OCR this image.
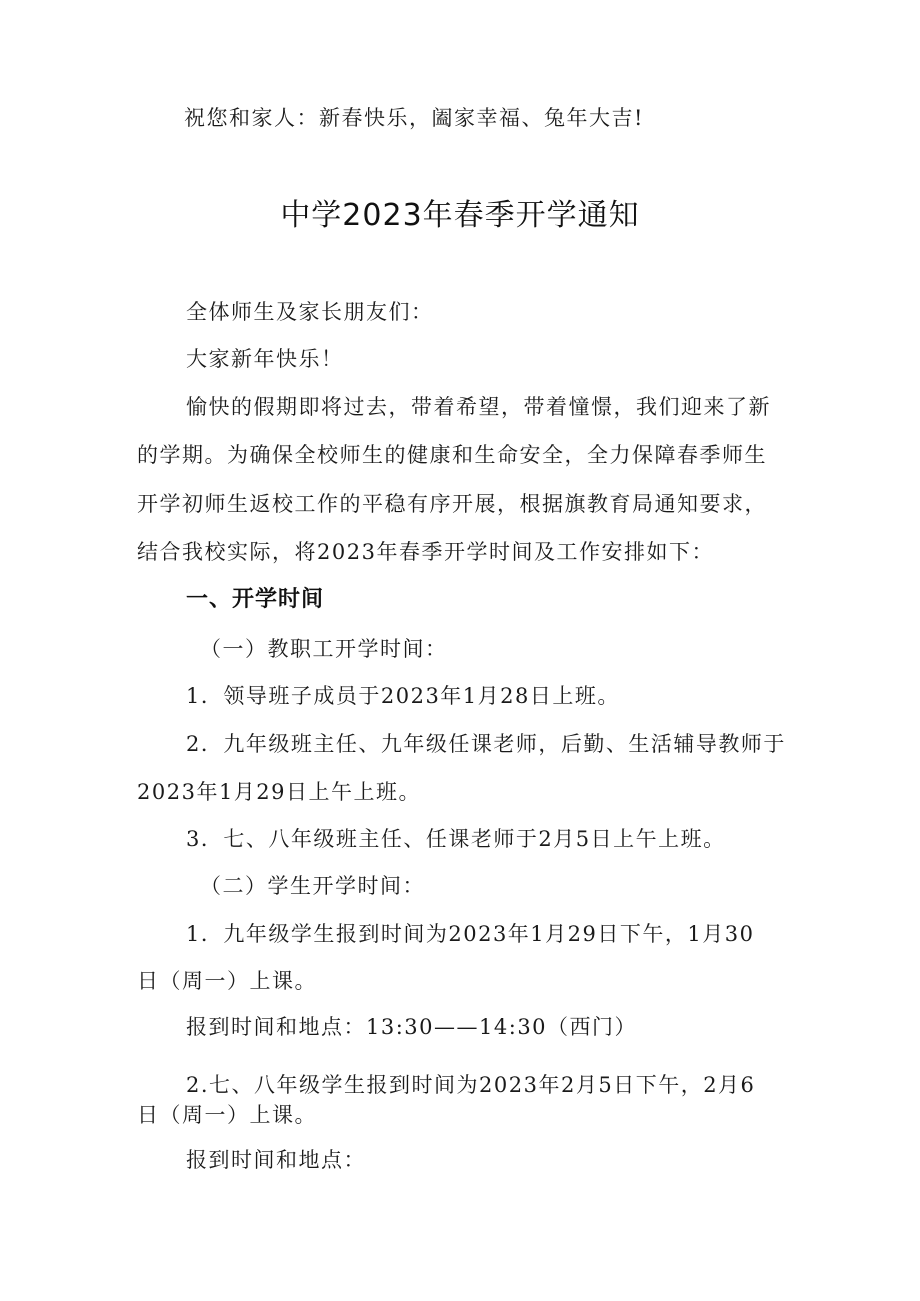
祝您和家人：新春快乐，阖家幸福、兔年大吉!
中学2023年春季开学通知
全体师生及家长朋友们：
大家新年快乐！
愉快的假期即将过去，带着希望，带着憧憬，我们迎来了新
的学期。为确保全校师生的健康和生命安全，全力保障春季师生
开学初师生返校工作的平稳有序开展，根据旗教育局通知要求，
结合我校实际，将2023年春季开学时间及工作安排如下：
一、开学时间
（一）教职工开学时间：
1．领导班子成员于2023年1月28日上班。
2．九年级班主任、九年级任课老师，后勤、生活辅导教师于
2023年1月29日上午上班。
3．七、八年级班主任、任课老师于2月5日上午上班。
（二）学生开学时间：
1．九年级学生报到时间为2023年1月29日下午，1月30
日（周一）上课。
报到时间和地点：13:30——14:30（西门）
2.七、八年级学生报到时间为2023年2月5日下午，2月6
日（周一）上课。
报到时间和地点：
